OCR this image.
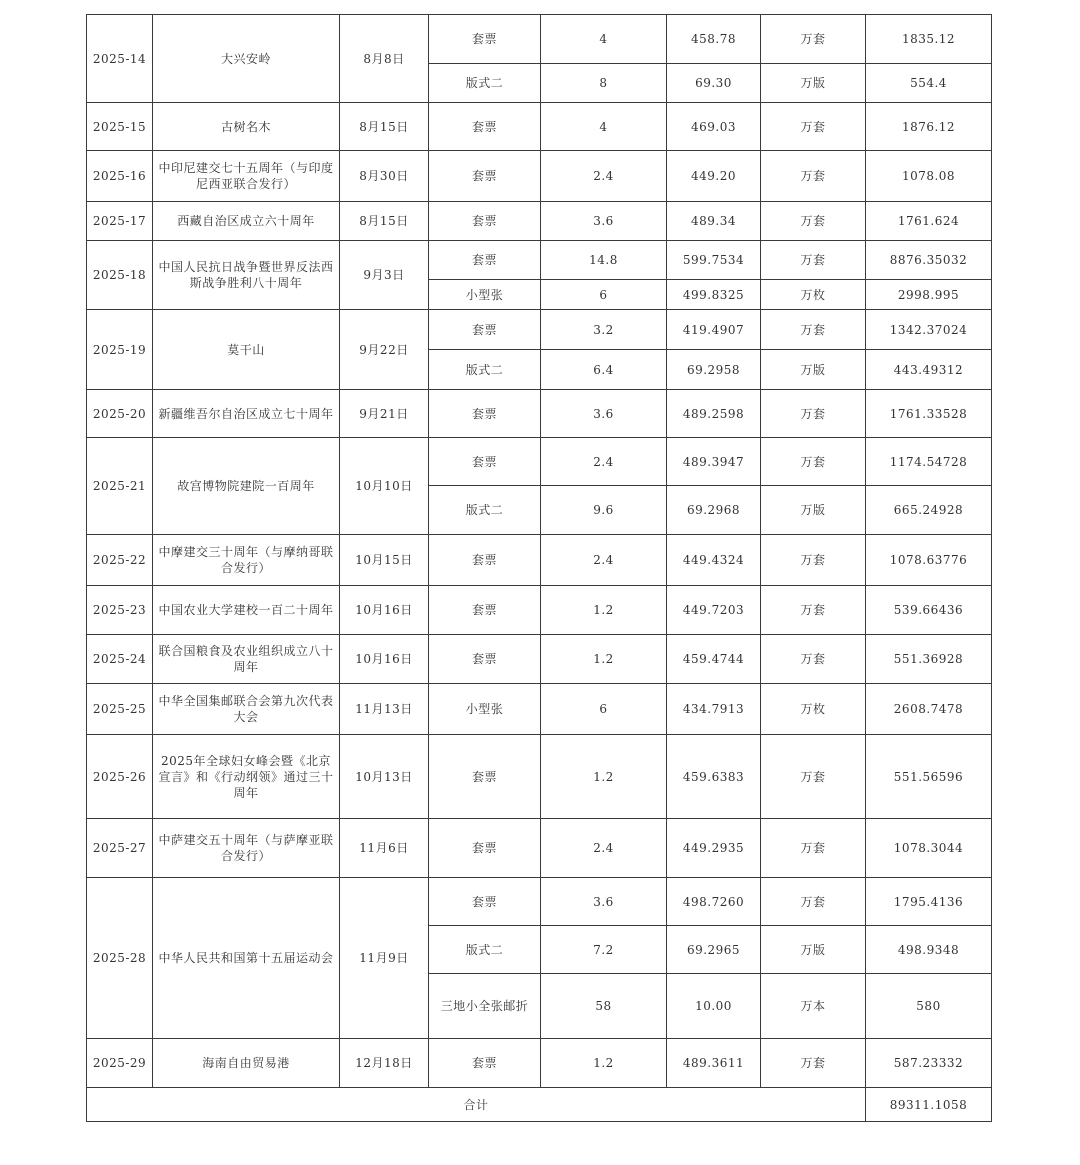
2025-14	大兴安岭	8月8日	套票	4	458.78	万套	1835.12
			版式二	8	69.30	万版	554.4
2025-15	古树名木	8月15日	套票	4	469.03	万套	1876.12
2025-16	中印尼建交七十五周年（与印度尼西亚联合发行）	8月30日	套票	2.4	449.20	万套	1078.08
2025-17	西藏自治区成立六十周年	8月15日	套票	3.6	489.34	万套	1761.624
2025-18	中国人民抗日战争暨世界反法西斯战争胜利八十周年	9月3日	套票	14.8	599.7534	万套	8876.35032
			小型张	6	499.8325	万枚	2998.995
2025-19	莫干山	9月22日	套票	3.2	419.4907	万套	1342.37024
			版式二	6.4	69.2958	万版	443.49312
2025-20	新疆维吾尔自治区成立七十周年	9月21日	套票	3.6	489.2598	万套	1761.33528
2025-21	故宫博物院建院一百周年	10月10日	套票	2.4	489.3947	万套	1174.54728
			版式二	9.6	69.2968	万版	665.24928
2025-22	中摩建交三十周年（与摩纳哥联合发行）	10月15日	套票	2.4	449.4324	万套	1078.63776
2025-23	中国农业大学建校一百二十周年	10月16日	套票	1.2	449.7203	万套	539.66436
2025-24	联合国粮食及农业组织成立八十周年	10月16日	套票	1.2	459.4744	万套	551.36928
2025-25	中华全国集邮联合会第九次代表大会	11月13日	小型张	6	434.7913	万枚	2608.7478
2025-26	2025年全球妇女峰会暨《北京宣言》和《行动纲领》通过三十周年	10月13日	套票	1.2	459.6383	万套	551.56596
2025-27	中萨建交五十周年（与萨摩亚联合发行）	11月6日	套票	2.4	449.2935	万套	1078.3044
2025-28	中华人民共和国第十五届运动会	11月9日	套票	3.6	498.7260	万套	1795.4136
			版式二	7.2	69.2965	万版	498.9348
			三地小全张邮折	58	10.00	万本	580
2025-29	海南自由贸易港	12月18日	套票	1.2	489.3611	万套	587.23332
合计							89311.1058
